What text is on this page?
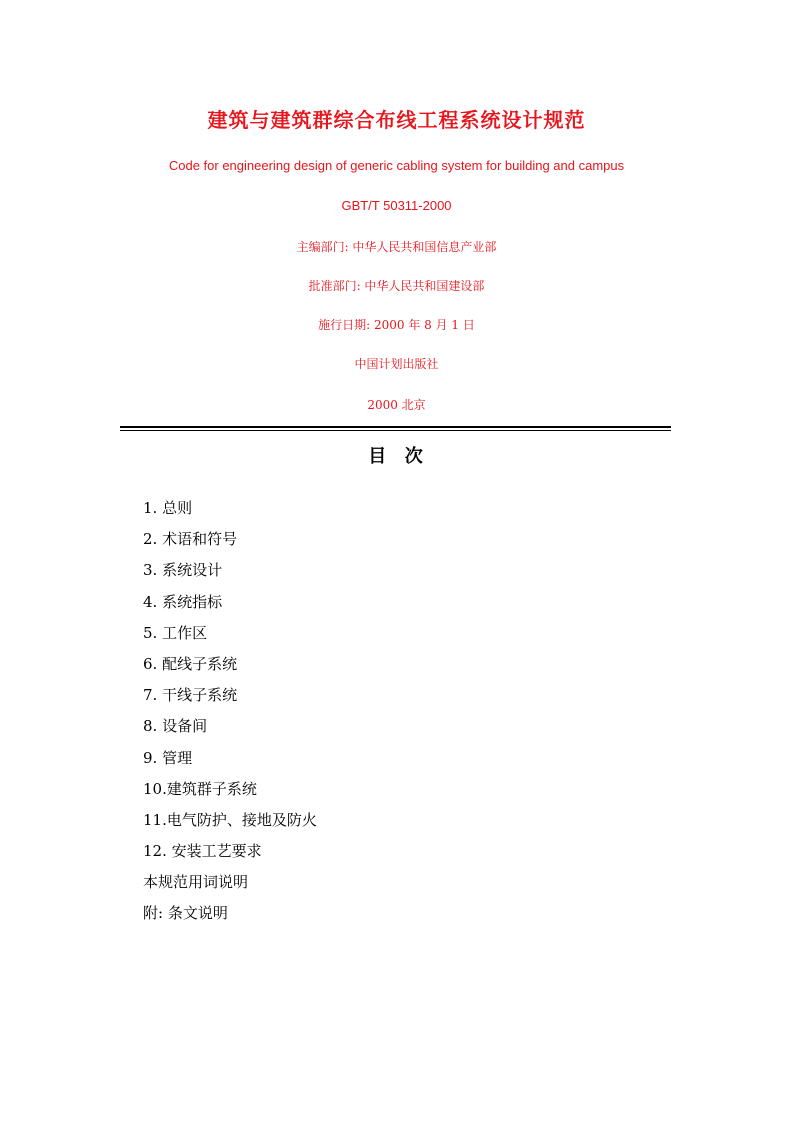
建筑与建筑群综合布线工程系统设计规范
Code for engineering design of generic cabling system for building and campus
GBT/T 50311-2000
主编部门: 中华人民共和国信息产业部
批准部门: 中华人民共和国建设部
施行日期: 2000 年 8 月 1 日
中国计划出版社
2000 北京
目  次
1. 总则
2. 术语和符号
3. 系统设计
4. 系统指标
5. 工作区
6. 配线子系统
7. 干线子系统
8. 设备间
9. 管理
10.建筑群子系统
11.电气防护、接地及防火
12. 安装工艺要求
本规范用词说明
附: 条文说明
